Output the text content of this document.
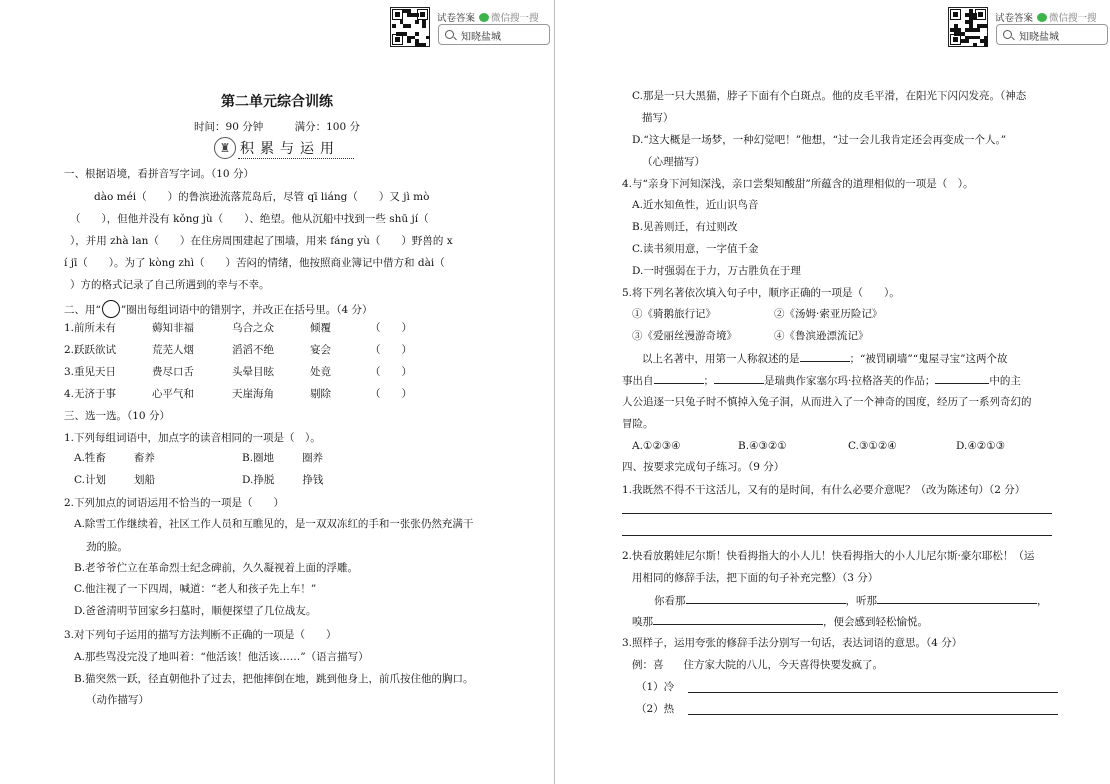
试卷答案 微信搜一搜
知晓盐城
第二单元综合训练
时间：90 分钟	满分：100 分
♜ 积累与运用
一、根据语境，看拼音写字词。（10 分）
dào méi（　　）的鲁滨逊流落荒岛后，尽管 qī liáng（　　）又 jì mò
（　　），但他并没有 kǒng jù（　　）、绝望。他从沉船中找到一些 shū jí（
），并用 zhà lan（　　）在住房周围建起了围墙，用来 fáng yù（　　）野兽的 x
í jī（　　）。为了 kòng zhì（　　）苦闷的情绪，他按照商业簿记中借方和 dài（
）方的格式记录了自己所遇到的幸与不幸。
二、用“ ”圈出每组词语中的错别字，并改正在括号里。（4 分）
1.前所未有	薅知非福	乌合之众	倾覆	（　　）
2.跃跃欲试	荒芜人烟	滔滔不绝	宴会	（　　）
3.重见天日	费尽口舌	头晕目眩	处竟	（　　）
4.无济于事	心平气和	天崖海角	剔除	（　　）
三、选一选。（10 分）
1.下列每组词语中，加点字的读音相同的一项是（　）。
A.牲畜	畜养	B.圈地	圈养
C.计划	划船	D.挣脱	挣钱
2.下列加点的词语运用不恰当的一项是（　　）
A.除雪工作继续着，社区工作人员和互瞧见的，是一双双冻红的手和一张张仍然充满干
劲的脸。
B.老爷爷伫立在革命烈士纪念碑前，久久凝视着上面的浮雕。
C.他注视了一下四周，喊道：“老人和孩子先上车！”
D.爸爸清明节回家乡扫墓时，顺便探望了几位战友。
3.对下列句子运用的描写方法判断不正确的一项是（　　）
A.那些骂没完没了地叫着：“他活该！他活该……”（语言描写）
B.猫突然一跃，径直朝他扑了过去，把他摔倒在地，跳到他身上，前爪按住他的胸口。
（动作描写）
试卷答案 微信搜一搜
知晓盐城
C.那是一只大黑猫，脖子下面有个白斑点。他的皮毛平滑，在阳光下闪闪发亮。（神态
描写）
D.“这大概是一场梦，一种幻觉吧！”他想，“过一会儿我肯定还会再变成一个人。”
（心理描写）
4.与“亲身下河知深浅，亲口尝梨知酸甜”所蕴含的道理相似的一项是（　）。
A.近水知鱼性，近山识鸟音
B.见善则迁，有过则改
C.读书须用意，一字值千金
D.一时强弱在于力，万古胜负在于理
5.将下列名著依次填入句子中，顺序正确的一项是（　　）。
①《骑鹅旅行记》	②《汤姆·索亚历险记》
③《爱丽丝漫游奇境》	④《鲁滨逊漂流记》
以上名著中，用第一人称叙述的是	；“被罚刷墙”“鬼屋寻宝”这两个故
事出自	；	是瑞典作家塞尔玛·拉格洛芙的作品；	中的主
人公追逐一只兔子时不慎掉入兔子洞，从而进入了一个神奇的国度，经历了一系列奇幻的
冒险。
A.①②③④	B.④③②①	C.③①②④	D.④②①③
四、按要求完成句子练习。（9 分）
1.我既然不得不干这活儿，又有的是时间，有什么必要介意呢？（改为陈述句）（2 分）
2.快看放鹅娃尼尔斯！快看拇指大的小人儿！快看拇指大的小人儿尼尔斯·豪尔耶松！（运
用相同的修辞手法，把下面的句子补充完整）（3 分）
你看那	，听那	，
嗅那	，便会感到轻松愉悦。
3.照样子，运用夸张的修辞手法分别写一句话，表达词语的意思。（4 分）
例：喜 住方家大院的八儿，今天喜得快要发疯了。
（1）冷
（2）热
